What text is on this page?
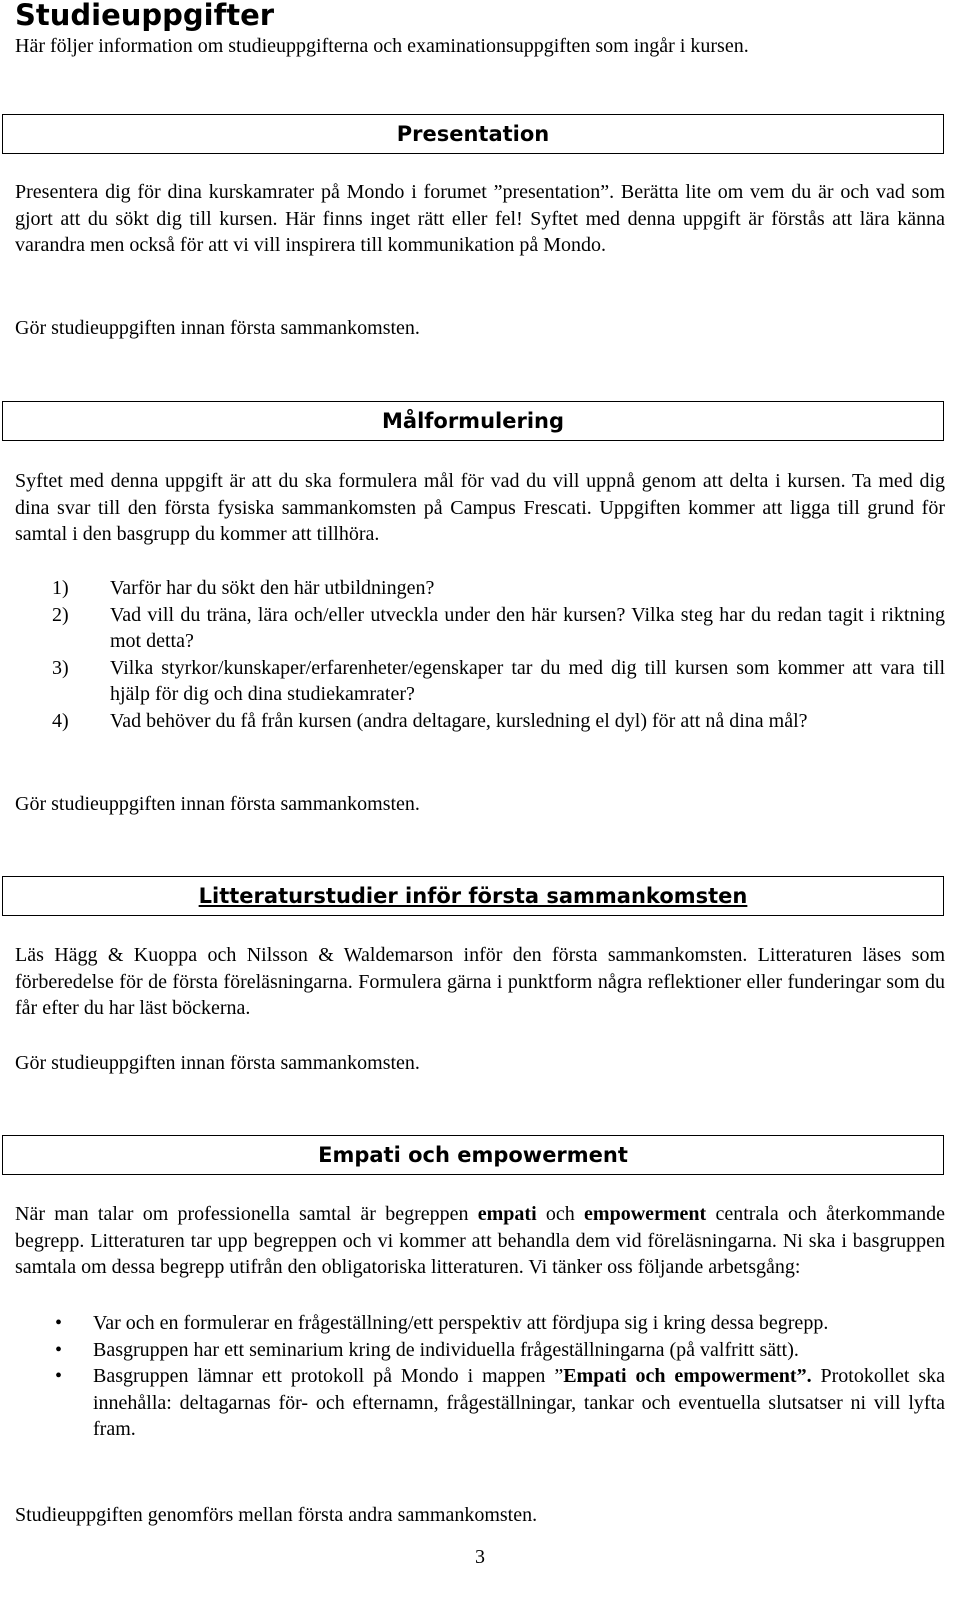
Studieuppgifter
Här följer information om studieuppgifterna och examinationsuppgiften som ingår i kursen.
Presentation
Presentera dig för dina kurskamrater på Mondo i forumet ”presentation”. Berätta lite om vem du är och vad som gjort att du sökt dig till kursen. Här finns inget rätt eller fel! Syftet med denna uppgift är förstås att lära känna varandra men också för att vi vill inspirera till kommunikation på Mondo.
Gör studieuppgiften innan första sammankomsten.
Målformulering
Syftet med denna uppgift är att du ska formulera mål för vad du vill uppnå genom att delta i kursen. Ta med dig dina svar till den första fysiska sammankomsten på Campus Frescati. Uppgiften kommer att ligga till grund för samtal i den basgrupp du kommer att tillhöra.
1) Varför har du sökt den här utbildningen?
2) Vad vill du träna, lära och/eller utveckla under den här kursen? Vilka steg har du redan tagit i riktning mot detta?
3) Vilka styrkor/kunskaper/erfarenheter/egenskaper tar du med dig till kursen som kommer att vara till hjälp för dig och dina studiekamrater?
4) Vad behöver du få från kursen (andra deltagare, kursledning el dyl) för att nå dina mål?
Gör studieuppgiften innan första sammankomsten.
Litteraturstudier inför första sammankomsten
Läs Hägg & Kuoppa och Nilsson & Waldemarson inför den första sammankomsten. Litteraturen läses som förberedelse för de första föreläsningarna. Formulera gärna i punktform några reflektioner eller funderingar som du får efter du har läst böckerna.
Gör studieuppgiften innan första sammankomsten.
Empati och empowerment
När man talar om professionella samtal är begreppen empati och empowerment centrala och återkommande begrepp. Litteraturen tar upp begreppen och vi kommer att behandla dem vid föreläsningarna. Ni ska i basgruppen samtala om dessa begrepp utifrån den obligatoriska litteraturen. Vi tänker oss följande arbetsgång:
• Var och en formulerar en frågeställning/ett perspektiv att fördjupa sig i kring dessa begrepp.
• Basgruppen har ett seminarium kring de individuella frågeställningarna (på valfritt sätt).
• Basgruppen lämnar ett protokoll på Mondo i mappen ”Empati och empowerment”. Protokollet ska innehålla: deltagarnas för- och efternamn, frågeställningar, tankar och eventuella slutsatser ni vill lyfta fram.
Studieuppgiften genomförs mellan första andra sammankomsten.
3
